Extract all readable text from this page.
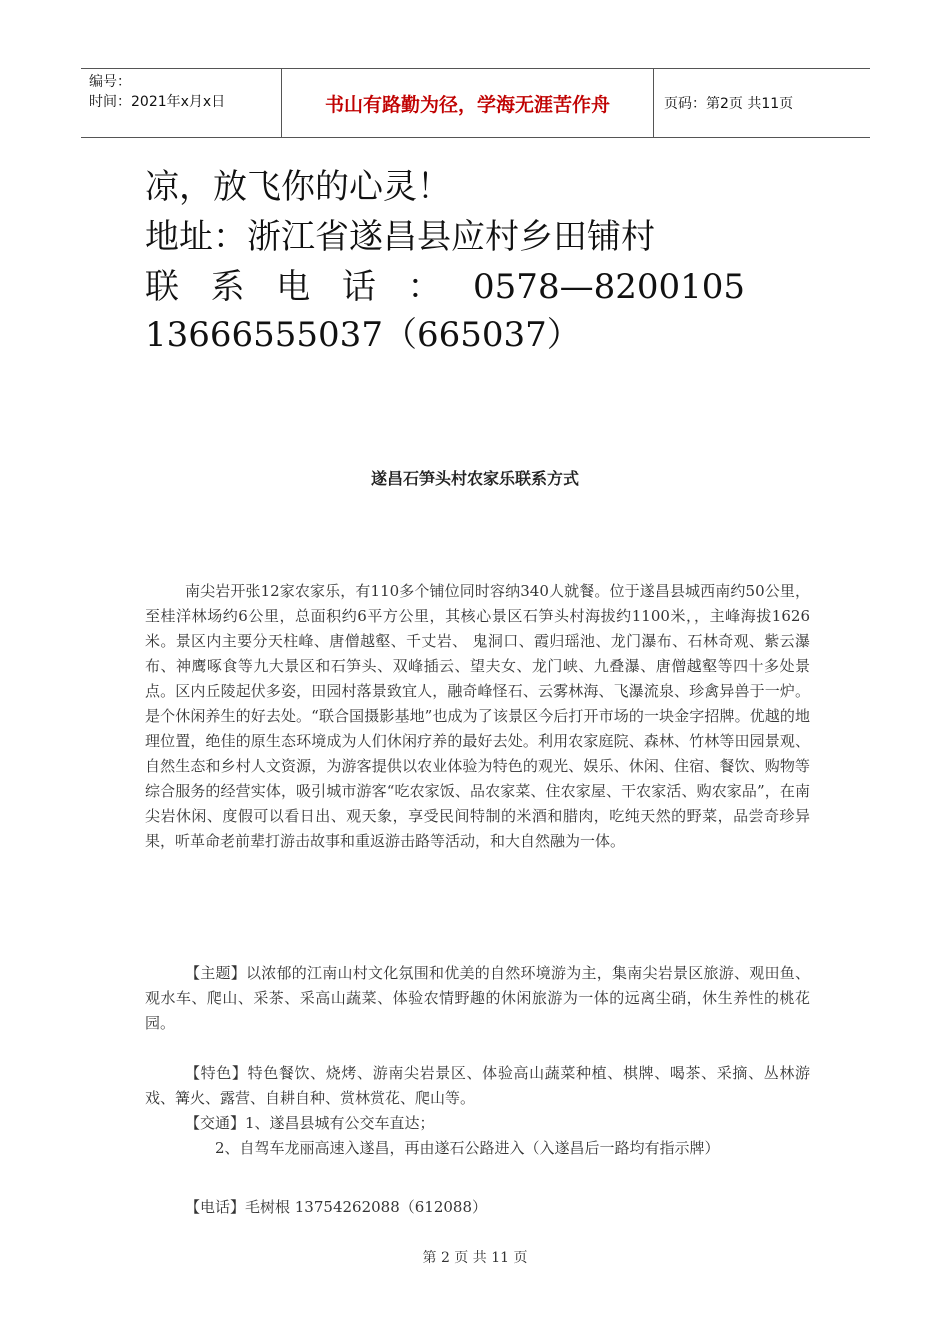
编号：
时间：2021年x月x日	书山有路勤为径，学海无涯苦作舟	页码：第2页 共11页
凉，放飞你的心灵！
地址：浙江省遂昌县应村乡田铺村
联 系 电 话 ： 0578—8200105
13666555037（665037）
遂昌石笋头村农家乐联系方式

南尖岩开张12家农家乐，有110多个铺位同时容纳340人就餐。位于遂昌县城西南约50公里，至桂洋林场约6公里，总面积约6平方公里，其核心景区石笋头村海拔约1100米，，主峰海拔1626米。景区内主要分天柱峰、唐僧越壑、千丈岩、 鬼洞口、霞归瑶池、龙门瀑布、石林奇观、紫云瀑布、神鹰啄食等九大景区和石笋头、双峰插云、望夫女、龙门峡、九叠瀑、唐僧越壑等四十多处景点。区内丘陵起伏多姿，田园村落景致宜人，融奇峰怪石、云雾林海、飞瀑流泉、珍禽异兽于一炉。是个休闲养生的好去处。“联合国摄影基地”也成为了该景区今后打开市场的一块金字招牌。优越的地理位置，绝佳的原生态环境成为人们休闲疗养的最好去处。利用农家庭院、森林、竹林等田园景观、自然生态和乡村人文资源，为游客提供以农业体验为特色的观光、娱乐、休闲、住宿、餐饮、购物等综合服务的经营实体，吸引城市游客“吃农家饭、品农家菜、住农家屋、干农家活、购农家品”，在南尖岩休闲、度假可以看日出、观天象，享受民间特制的米酒和腊肉，吃纯天然的野菜，品尝奇珍异果，听革命老前辈打游击故事和重返游击路等活动，和大自然融为一体。

【主题】以浓郁的江南山村文化氛围和优美的自然环境游为主，集南尖岩景区旅游、观田鱼、观水车、爬山、采茶、采高山蔬菜、体验农情野趣的休闲旅游为一体的远离尘硝，休生养性的桃花园。

【特色】特色餐饮、烧烤、游南尖岩景区、体验高山蔬菜种植、棋牌、喝茶、采摘、丛林游戏、篝火、露营、自耕自种、赏林赏花、爬山等。

【交通】1、遂昌县城有公交车直达；
2、自驾车龙丽高速入遂昌，再由遂石公路进入（入遂昌后一路均有指示牌）
【电话】毛树根 13754262088（612088）
第 2 页 共 11 页
